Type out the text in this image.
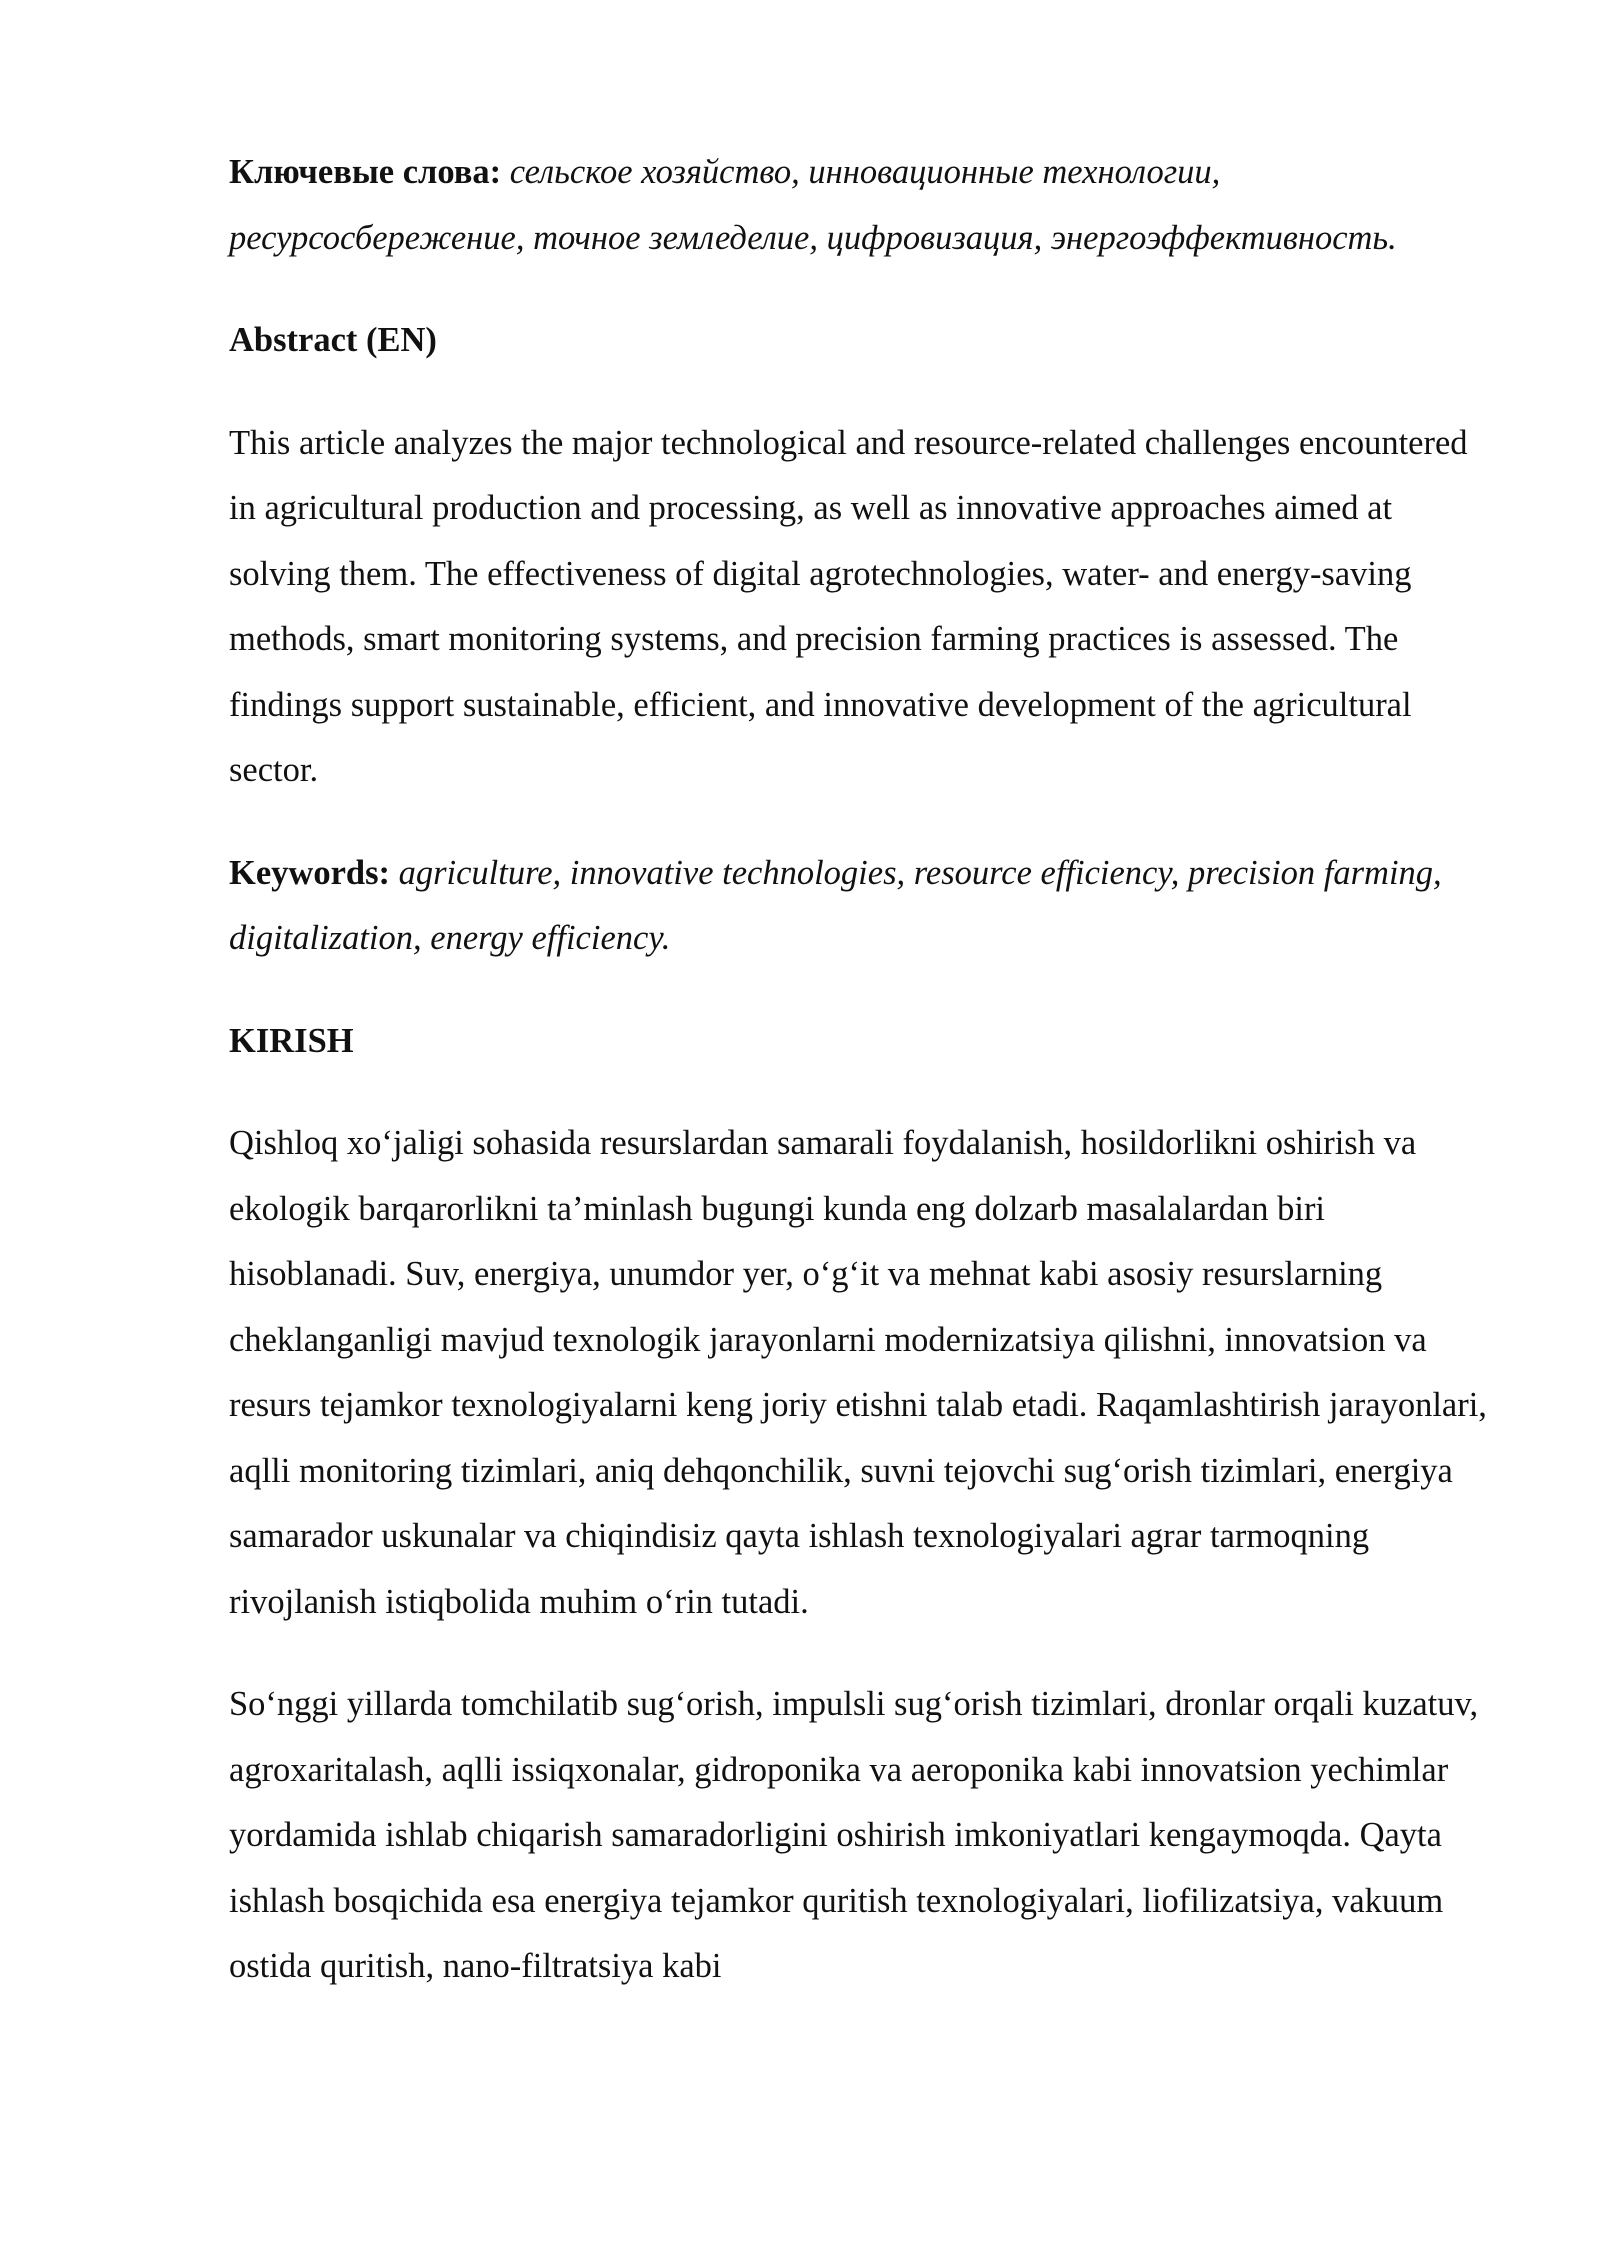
Ключевые слова: сельское хозяйство, инновационные технологии, ресурсосбережение, точное земледелие, цифровизация, энергоэффективность.

Abstract (EN)

This article analyzes the major technological and resource-related challenges encountered in agricultural production and processing, as well as innovative approaches aimed at solving them. The effectiveness of digital agrotechnologies, water- and energy-saving methods, smart monitoring systems, and precision farming practices is assessed. The findings support sustainable, efficient, and innovative development of the agricultural sector.

Keywords: agriculture, innovative technologies, resource efficiency, precision farming, digitalization, energy efficiency.

KIRISH

Qishloq xo‘jaligi sohasida resurslardan samarali foydalanish, hosildorlikni oshirish va ekologik barqarorlikni ta’minlash bugungi kunda eng dolzarb masalalardan biri hisoblanadi. Suv, energiya, unumdor yer, o‘g‘it va mehnat kabi asosiy resurslarning cheklanganligi mavjud texnologik jarayonlarni modernizatsiya qilishni, innovatsion va resurs tejamkor texnologiyalarni keng joriy etishni talab etadi. Raqamlashtirish jarayonlari, aqlli monitoring tizimlari, aniq dehqonchilik, suvni tejovchi sug‘orish tizimlari, energiya samarador uskunalar va chiqindisiz qayta ishlash texnologiyalari agrar tarmoqning rivojlanish istiqbolida muhim o‘rin tutadi.

So‘nggi yillarda tomchilatib sug‘orish, impulsli sug‘orish tizimlari, dronlar orqali kuzatuv, agroxaritalash, aqlli issiqxonalar, gidroponika va aeroponika kabi innovatsion yechimlar yordamida ishlab chiqarish samaradorligini oshirish imkoniyatlari kengaymoqda. Qayta ishlash bosqichida esa energiya tejamkor quritish texnologiyalari, liofilizatsiya, vakuum ostida quritish, nano-filtratsiya kabi
